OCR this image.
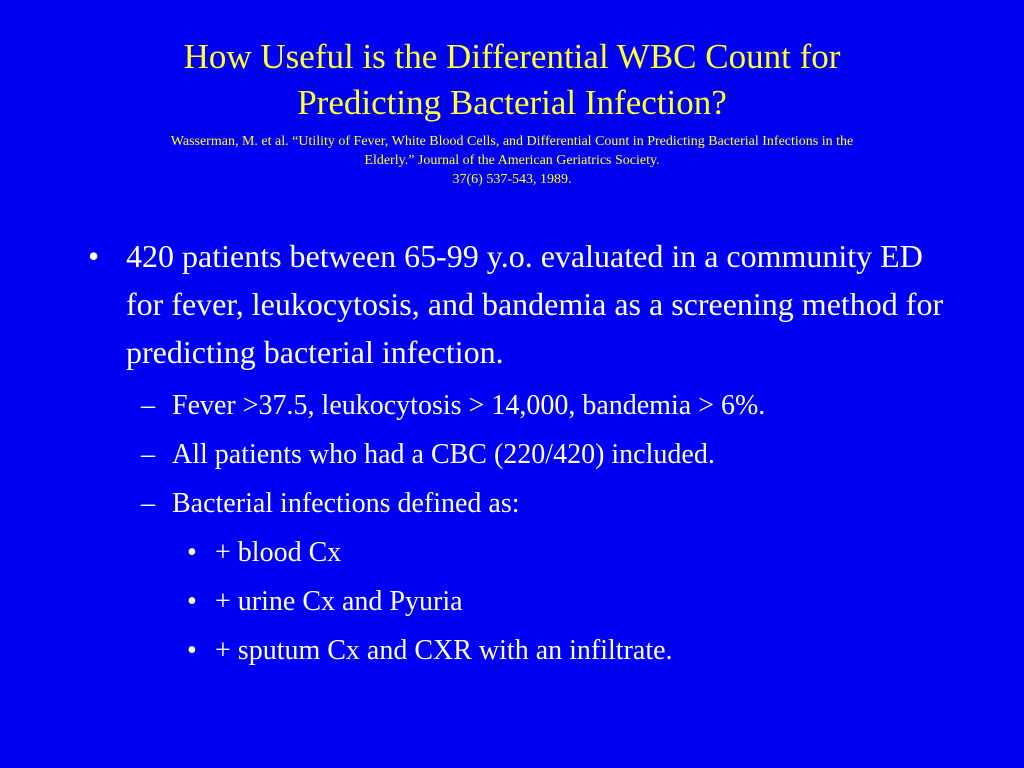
How Useful is the Differential WBC Count for
Predicting Bacterial Infection?
Wasserman, M. et al. “Utility of Fever, White Blood Cells, and Differential Count in Predicting Bacterial Infections in the
Elderly.” Journal of the American Geriatrics Society.
37(6) 537-543, 1989.
• 420 patients between 65-99 y.o. evaluated in a community ED for fever, leukocytosis, and bandemia as a screening method for predicting bacterial infection.
– Fever >37.5, leukocytosis > 14,000, bandemia > 6%.
– All patients who had a CBC (220/420) included.
– Bacterial infections defined as:
• + blood Cx
• + urine Cx and Pyuria
• + sputum Cx and CXR with an infiltrate.
